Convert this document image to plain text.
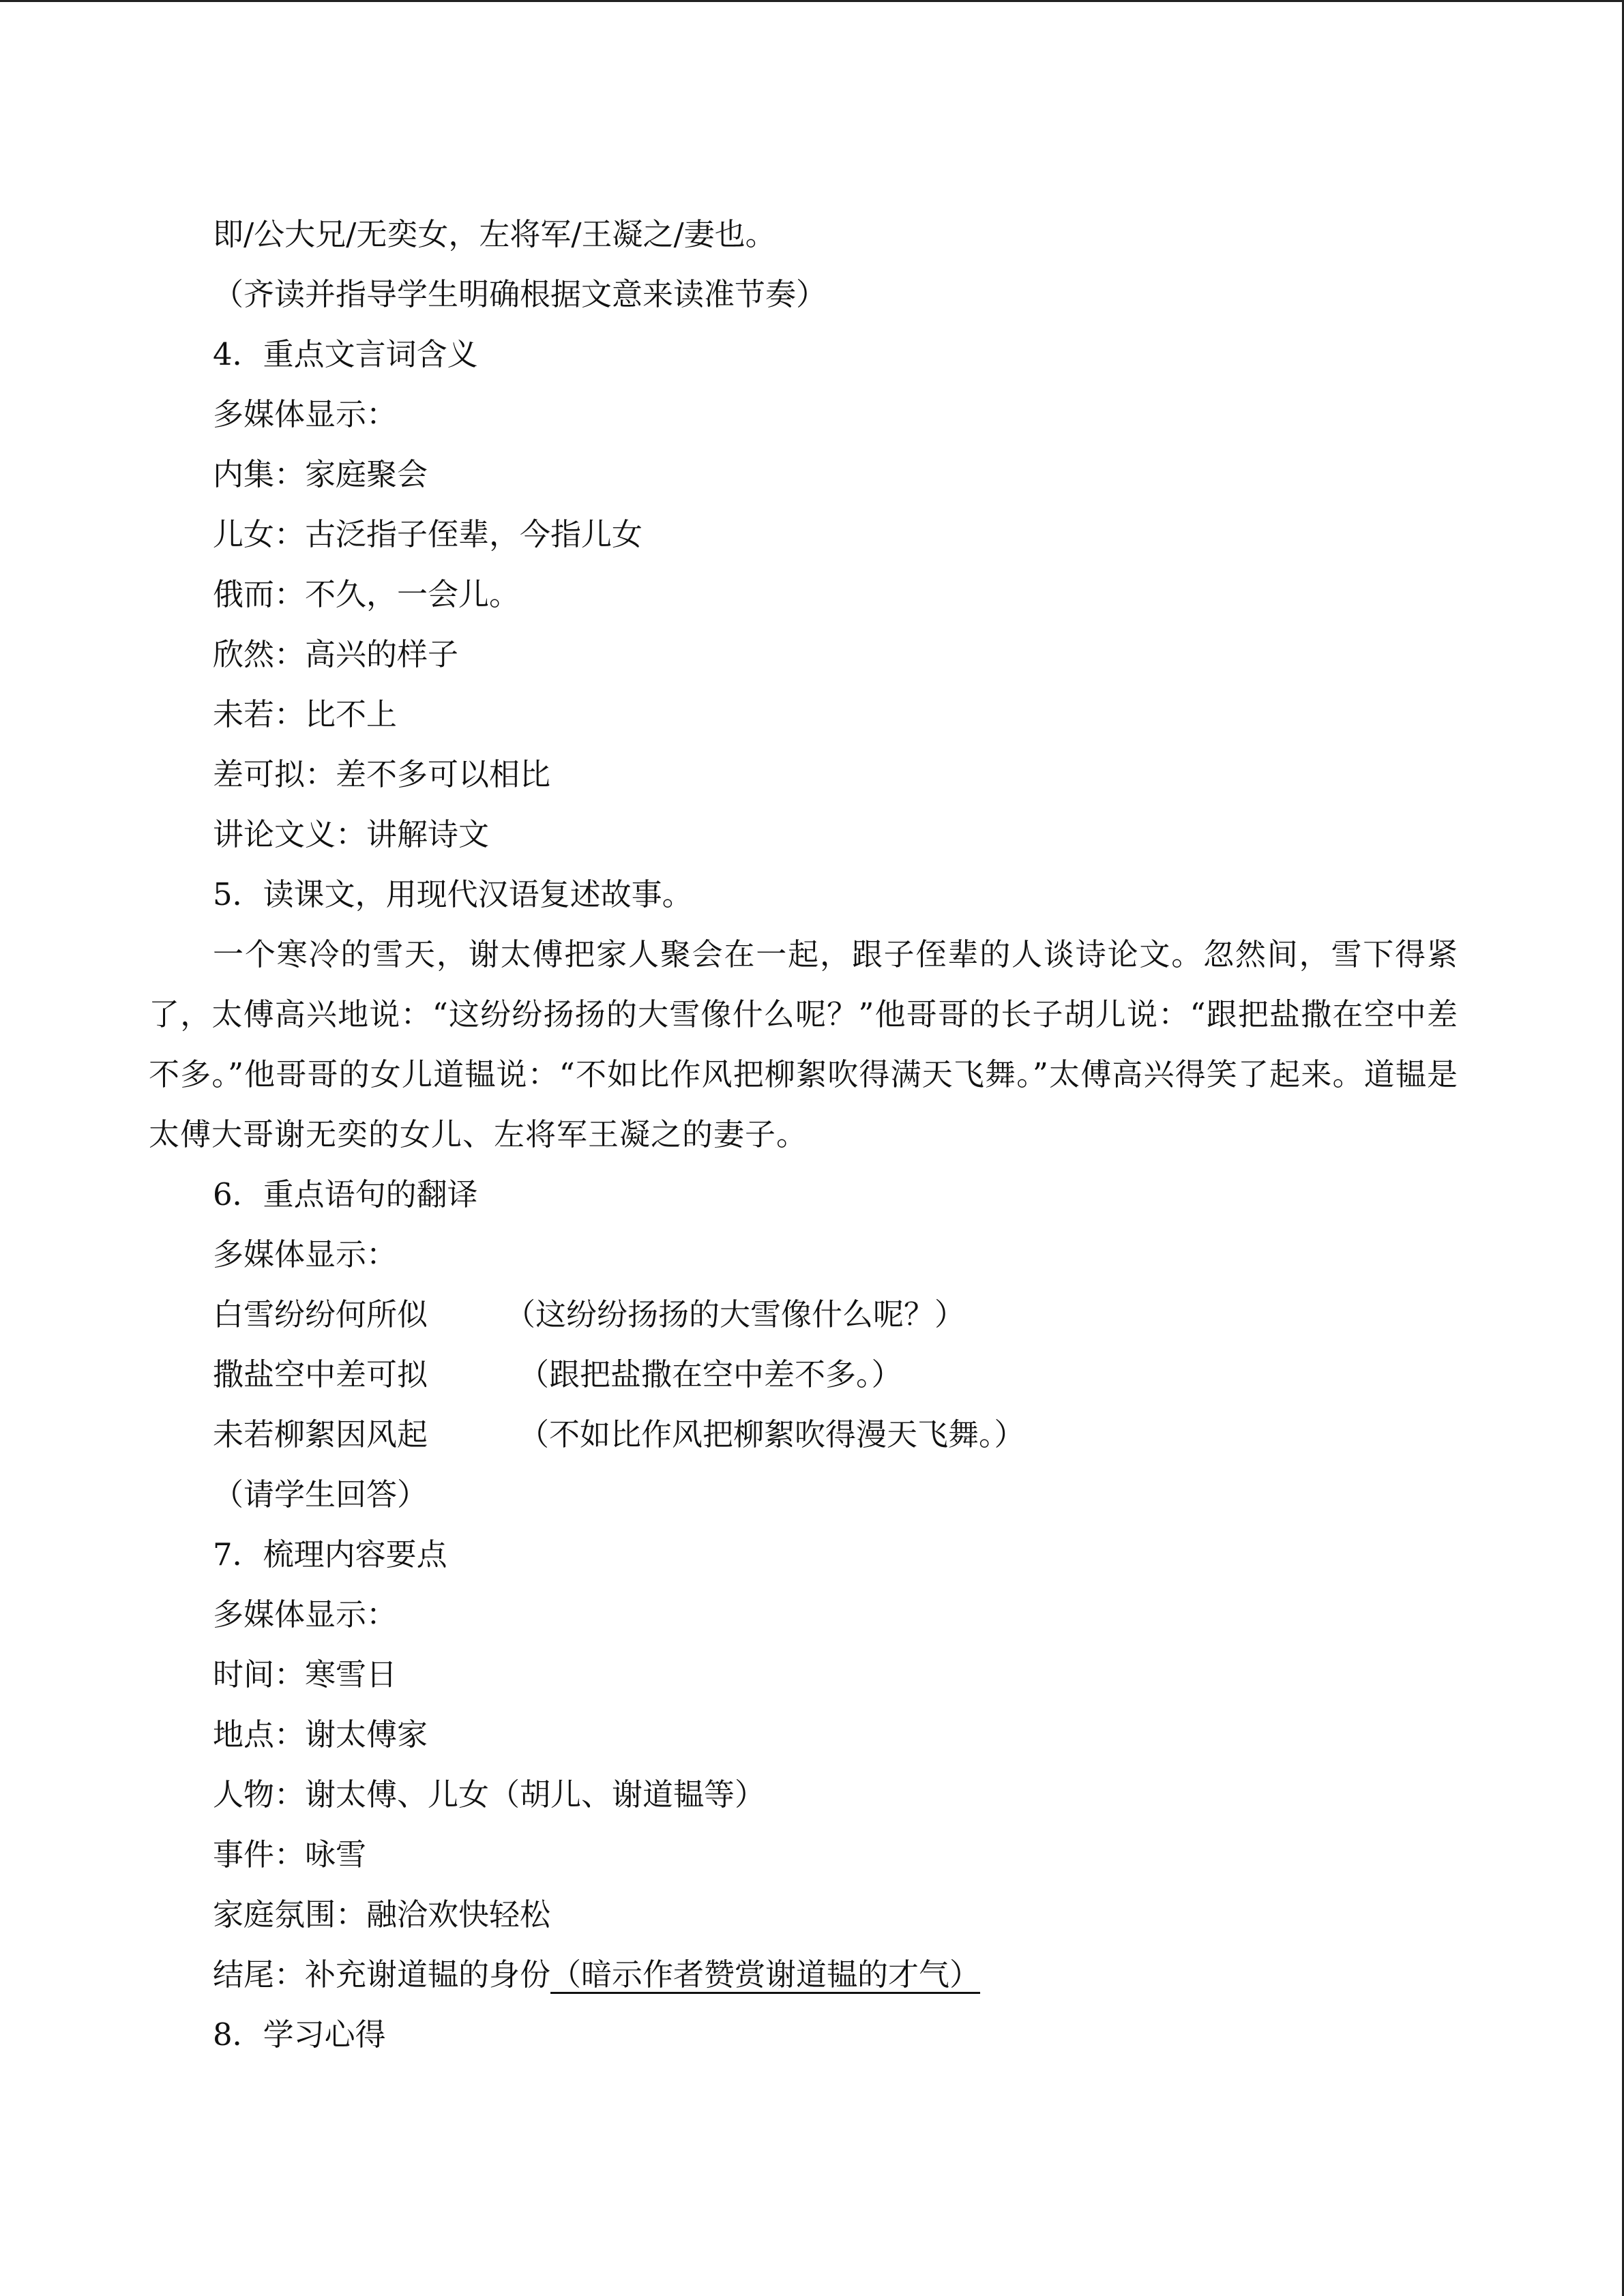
即/公大兄/无奕女，左将军/王凝之/妻也。
（齐读并指导学生明确根据文意来读准节奏）
4．重点文言词含义
多媒体显示：
内集：家庭聚会
儿女：古泛指子侄辈，今指儿女
俄而：不久，一会儿。
欣然：高兴的样子
未若：比不上
差可拟：差不多可以相比
讲论文义：讲解诗文
5．读课文，用现代汉语复述故事。
一个寒冷的雪天，谢太傅把家人聚会在一起，跟子侄辈的人谈诗论文。忽然间，雪下得紧了，太傅高兴地说：“这纷纷扬扬的大雪像什么呢？”他哥哥的长子胡儿说：“跟把盐撒在空中差不多。”他哥哥的女儿道韫说：“不如比作风把柳絮吹得满天飞舞。”太傅高兴得笑了起来。道韫是太傅大哥谢无奕的女儿、左将军王凝之的妻子。
6．重点语句的翻译
多媒体显示：
白雪纷纷何所似	（这纷纷扬扬的大雪像什么呢？）
撒盐空中差可拟	（跟把盐撒在空中差不多。）
未若柳絮因风起	（不如比作风把柳絮吹得漫天飞舞。）
（请学生回答）
7．梳理内容要点
多媒体显示：
时间：寒雪日
地点：谢太傅家
人物：谢太傅、儿女（胡儿、谢道韫等）
事件：咏雪
家庭氛围：融洽欢快轻松
结尾：补充谢道韫的身份（暗示作者赞赏谢道韫的才气）
8．学习心得
